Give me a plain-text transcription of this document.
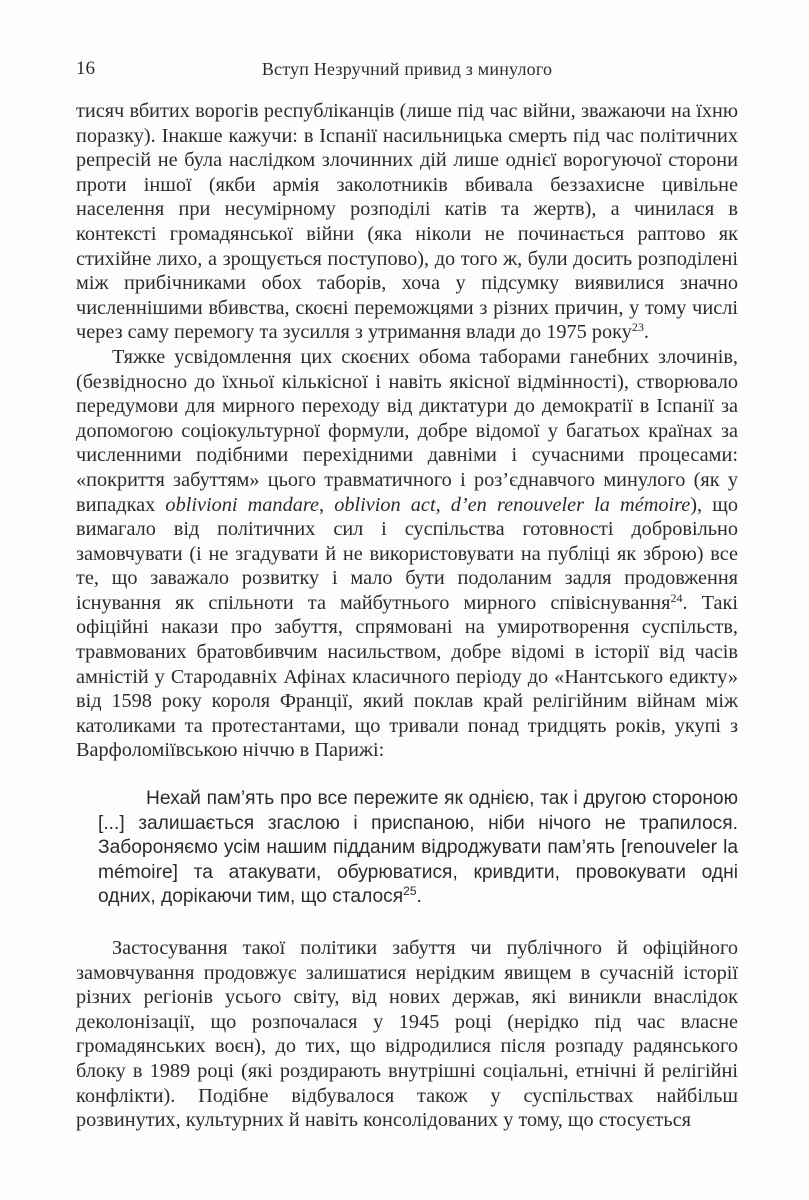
16	Вступ Незручний привид з минулого

тисяч вбитих ворогів республіканців (лише під час війни, зважаючи на їхню поразку). Інакше кажучи: в Іспанії насильницька смерть під час політичних репресій не була наслідком злочинних дій лише однієї ворогуючої сторони проти іншої (якби армія заколотників вбивала беззахисне цивільне населення при несумірному розподілі катів та жертв), а чинилася в контексті громадянської війни (яка ніколи не починається раптово як стихійне лихо, а зрощується поступово), до того ж, були досить розподілені між прибічниками обох таборів, хоча у підсумку виявилися значно численнішими вбивства, скоєні переможцями з різних причин, у тому числі через саму перемогу та зусилля з утримання влади до 1975 року$^{23}$.

Тяжке усвідомлення цих скоєних обома таборами ганебних злочинів, (безвідносно до їхньої кількісної і навіть якісної відмінності), створювало передумови для мирного переходу від диктатури до демократії в Іспанії за допомогою соціокультурної формули, добре відомої у багатьох країнах за численними подібними перехідними давніми і сучасними процесами: «покриття забуттям» цього травматичного і роз’єднавчого минулого (як у випадках oblivioni mandare, oblivion act, d’en renouveler la mémoire), що вимагало від політичних сил і суспільства готовності добровільно замовчувати (і не згадувати й не використовувати на публіці як зброю) все те, що заважало розвитку і мало бути подоланим задля продовження існування як спільноти та майбутнього мирного співіснування$^{24}$. Такі офіційні накази про забуття, спрямовані на умиротворення суспільств, травмованих братовбивчим насильством, добре відомі в історії від часів амністій у Стародавніх Афінах класичного періоду до «Нантського едикту» від 1598 року короля Франції, який поклав край релігійним війнам між католиками та протестантами, що тривали понад тридцять років, укупі з Варфоломіївською ніччю в Парижі:

Нехай пам’ять про все пережите як однією, так і другою стороною [...] залишається згаслою і приспаною, ніби нічого не трапилося. Забороняємо усім нашим підданим відроджувати пам’ять [renouveler la mémoire] та атакувати, обурюватися, кривдити, провокувати одні одних, дорікаючи тим, що сталося$^{25}$.

Застосування такої політики забуття чи публічного й офіційного замовчування продовжує залишатися нерідким явищем в сучасній історії різних регіонів усього світу, від нових держав, які виникли внаслідок деколонізації, що розпочалася у 1945 році (нерідко під час власне громадянських воєн), до тих, що відродилися після розпаду радянського блоку в 1989 році (які роздирають внутрішні соціальні, етнічні й релігійні конфлікти). Подібне відбувалося також у суспільствах найбільш розвинутих, культурних й навіть консолідованих у тому, що стосується
